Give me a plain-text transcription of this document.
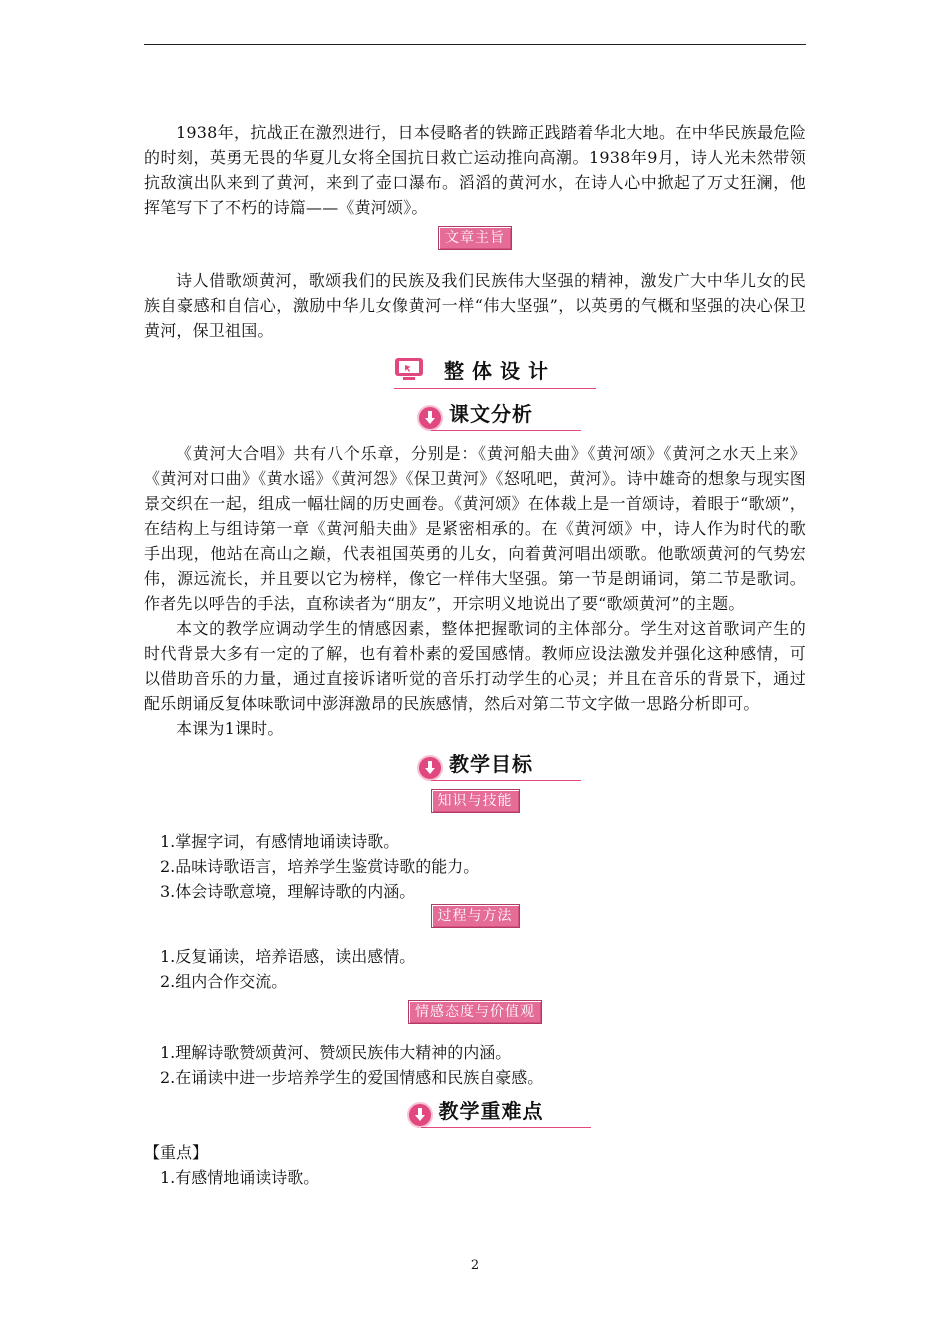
1938年，抗战正在激烈进行，日本侵略者的铁蹄正践踏着华北大地。在中华民族最危险的时刻，英勇无畏的华夏儿女将全国抗日救亡运动推向高潮。1938年9月，诗人光未然带领抗敌演出队来到了黄河，来到了壶口瀑布。滔滔的黄河水，在诗人心中掀起了万丈狂澜，他挥笔写下了不朽的诗篇——《黄河颂》。

文章主旨

诗人借歌颂黄河，歌颂我们的民族及我们民族伟大坚强的精神，激发广大中华儿女的民族自豪感和自信心，激励中华儿女像黄河一样“伟大坚强”，以英勇的气概和坚强的决心保卫黄河，保卫祖国。

整体设计
课文分析

《黄河大合唱》共有八个乐章，分别是：《黄河船夫曲》《黄河颂》《黄河之水天上来》《黄河对口曲》《黄水谣》《黄河怨》《保卫黄河》《怒吼吧，黄河》。诗中雄奇的想象与现实图景交织在一起，组成一幅壮阔的历史画卷。《黄河颂》在体裁上是一首颂诗，着眼于“歌颂”，在结构上与组诗第一章《黄河船夫曲》是紧密相承的。在《黄河颂》中，诗人作为时代的歌手出现，他站在高山之巅，代表祖国英勇的儿女，向着黄河唱出颂歌。他歌颂黄河的气势宏伟，源远流长，并且要以它为榜样，像它一样伟大坚强。第一节是朗诵词，第二节是歌词。作者先以呼告的手法，直称读者为“朋友”，开宗明义地说出了要“歌颂黄河”的主题。

本文的教学应调动学生的情感因素，整体把握歌词的主体部分。学生对这首歌词产生的时代背景大多有一定的了解，也有着朴素的爱国感情。教师应设法激发并强化这种感情，可以借助音乐的力量，通过直接诉诸听觉的音乐打动学生的心灵；并且在音乐的背景下，通过配乐朗诵反复体味歌词中澎湃激昂的民族感情，然后对第二节文字做一思路分析即可。

本课为1课时。

教学目标
知识与技能

1.掌握字词，有感情地诵读诗歌。

2.品味诗歌语言，培养学生鉴赏诗歌的能力。

3.体会诗歌意境，理解诗歌的内涵。

过程与方法

1.反复诵读，培养语感，读出感情。

2.组内合作交流。

情感态度与价值观

1.理解诗歌赞颂黄河、赞颂民族伟大精神的内涵。

2.在诵读中进一步培养学生的爱国情感和民族自豪感。

教学重难点

【重点】

1.有感情地诵读诗歌。

2
